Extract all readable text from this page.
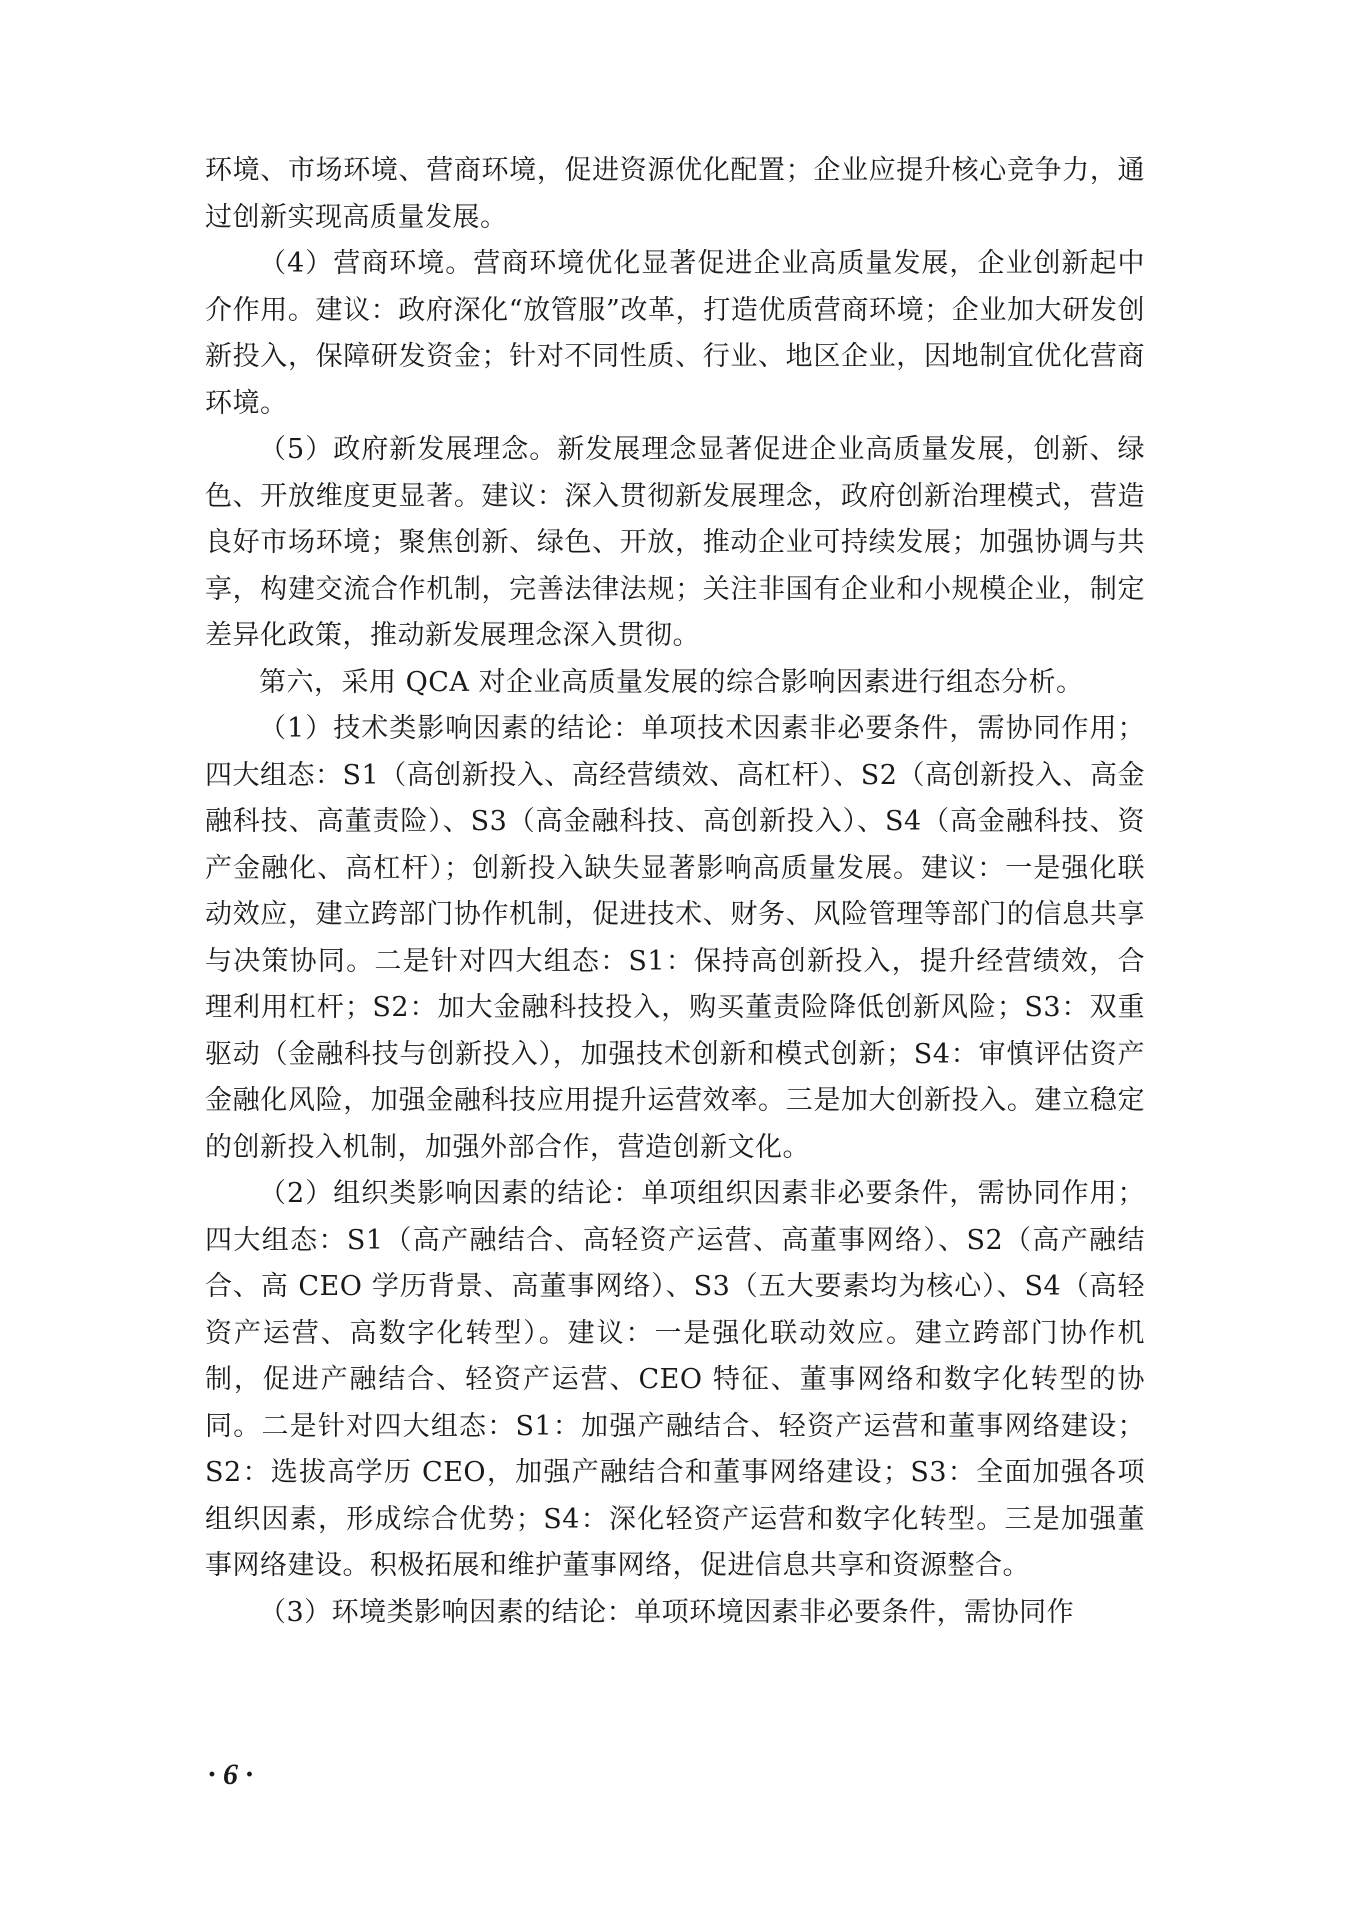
环境、市场环境、营商环境，促进资源优化配置；企业应提升核心竞争力，通过创新实现高质量发展。

（4）营商环境。营商环境优化显著促进企业高质量发展，企业创新起中介作用。建议：政府深化“放管服”改革，打造优质营商环境；企业加大研发创新投入，保障研发资金；针对不同性质、行业、地区企业，因地制宜优化营商环境。

（5）政府新发展理念。新发展理念显著促进企业高质量发展，创新、绿色、开放维度更显著。建议：深入贯彻新发展理念，政府创新治理模式，营造良好市场环境；聚焦创新、绿色、开放，推动企业可持续发展；加强协调与共享，构建交流合作机制，完善法律法规；关注非国有企业和小规模企业，制定差异化政策，推动新发展理念深入贯彻。

第六，采用 QCA 对企业高质量发展的综合影响因素进行组态分析。

（1）技术类影响因素的结论：单项技术因素非必要条件，需协同作用；四大组态：S1（高创新投入、高经营绩效、高杠杆）、S2（高创新投入、高金融科技、高董责险）、S3（高金融科技、高创新投入）、S4（高金融科技、资产金融化、高杠杆）；创新投入缺失显著影响高质量发展。建议：一是强化联动效应，建立跨部门协作机制，促进技术、财务、风险管理等部门的信息共享与决策协同。二是针对四大组态：S1：保持高创新投入，提升经营绩效，合理利用杠杆；S2：加大金融科技投入，购买董责险降低创新风险；S3：双重驱动（金融科技与创新投入），加强技术创新和模式创新；S4：审慎评估资产金融化风险，加强金融科技应用提升运营效率。三是加大创新投入。建立稳定的创新投入机制，加强外部合作，营造创新文化。

（2）组织类影响因素的结论：单项组织因素非必要条件，需协同作用；四大组态：S1（高产融结合、高轻资产运营、高董事网络）、S2（高产融结合、高 CEO 学历背景、高董事网络）、S3（五大要素均为核心）、S4（高轻资产运营、高数字化转型）。建议：一是强化联动效应。建立跨部门协作机制，促进产融结合、轻资产运营、CEO 特征、董事网络和数字化转型的协同。二是针对四大组态：S1：加强产融结合、轻资产运营和董事网络建设；S2：选拔高学历 CEO，加强产融结合和董事网络建设；S3：全面加强各项组织因素，形成综合优势；S4：深化轻资产运营和数字化转型。三是加强董事网络建设。积极拓展和维护董事网络，促进信息共享和资源整合。

（3）环境类影响因素的结论：单项环境因素非必要条件，需协同作

· 6 ·
